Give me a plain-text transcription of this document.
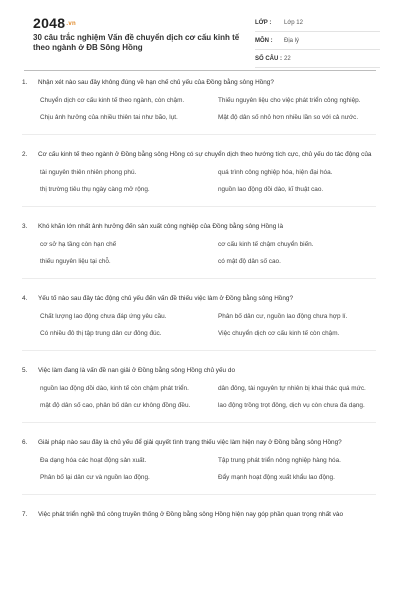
2048.vn
30 câu trắc nghiệm Vấn đề chuyển dịch cơ cấu kinh tế theo ngành ở ĐB Sông Hồng
LỚP :	Lớp 12
MÔN :	Địa lý
SỐ CÂU : 22
1.	Nhận xét nào sau đây không đúng về hạn chế chủ yếu của Đồng bằng sông Hồng?
Chuyển dịch cơ cấu kinh tế theo ngành, còn chậm.	Thiếu nguyên liệu cho việc phát triển công nghiệp.
Chịu ảnh hưởng của nhiều thiên tai như bão, lụt.	Mật độ dân số nhỏ hơn nhiều lần so với cả nước.
2.	Cơ cấu kinh tế theo ngành ở Đồng bằng sông Hồng có sự chuyển dịch theo hướng tích cực, chủ yếu do tác động của
tài nguyên thiên nhiên phong phú.	quá trình công nghiệp hóa, hiện đại hóa.
thị trường tiêu thụ ngày càng mở rộng.	nguồn lao động dồi dào, kĩ thuật cao.
3.	Khó khăn lớn nhất ảnh hưởng đến sản xuất công nghiệp của Đồng bằng sông Hồng là
cơ sở hạ tầng còn hạn chế	cơ cấu kinh tế chậm chuyển biến.
thiếu nguyên liệu tại chỗ.	có mật độ dân số cao.
4.	Yếu tố nào sau đây tác động chủ yếu đến vấn đề thiếu việc làm ở Đồng bằng sông Hồng?
Chất lượng lao động chưa đáp ứng yêu cầu.	Phân bố dân cư, nguồn lao động chưa hợp lí.
Có nhiều đô thị tập trung dân cư đông đúc.	Việc chuyển dịch cơ cấu kinh tế còn chậm.
5.	Việc làm đang là vấn đề nan giải ở Đồng bằng sông Hồng chủ yếu do
nguồn lao động dồi dào, kinh tế còn chậm phát triển.	dân đông, tài nguyên tự nhiên bị khai thác quá mức.
mật độ dân số cao, phân bố dân cư không đồng đều.	lao động trồng trọt đông, dịch vụ còn chưa đa dạng.
6.	Giải pháp nào sau đây là chủ yếu để giải quyết tình trạng thiếu việc làm hiện nay ở Đồng bằng sông Hồng?
Đa dạng hóa các hoạt động sản xuất.	Tập trung phát triển nông nghiệp hàng hóa.
Phân bố lại dân cư và nguồn lao động.	Đẩy mạnh hoạt động xuất khẩu lao động.
7.	Việc phát triển nghề thủ công truyền thống ở Đồng bằng sông Hồng hiện nay góp phần quan trọng nhất vào
